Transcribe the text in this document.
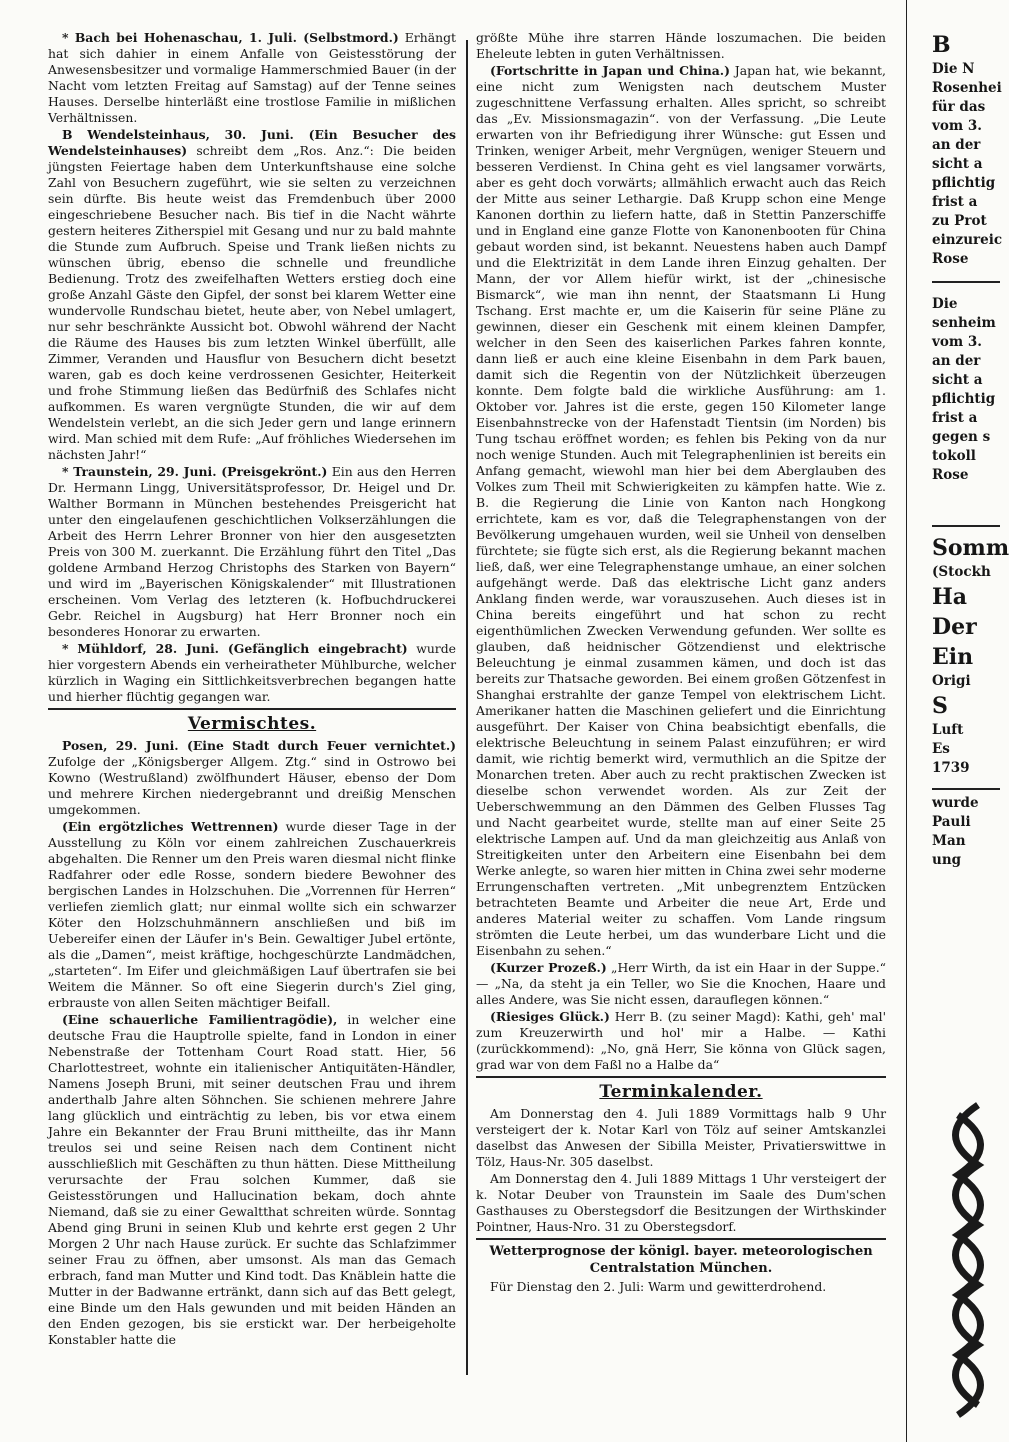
* Bach bei Hohenaschau, 1. Juli. (Selbstmord.) Erhängt hat sich dahier in einem Anfalle von Geistesstörung der Anwesensbesitzer und vormalige Hammerschmied Bauer (in der Nacht vom letzten Freitag auf Samstag) auf der Tenne seines Hauses. Derselbe hinterläßt eine trostlose Familie in mißlichen Verhältnissen.

B Wendelsteinhaus, 30. Juni. (Ein Besucher des Wendelsteinhauses) schreibt dem „Ros. Anz.“: Die beiden jüngsten Feiertage haben dem Unterkunftshause eine solche Zahl von Besuchern zugeführt, wie sie selten zu verzeichnen sein dürfte. Bis heute weist das Fremdenbuch über 2000 eingeschriebene Besucher nach. Bis tief in die Nacht währte gestern heiteres Zitherspiel mit Gesang und nur zu bald mahnte die Stunde zum Aufbruch. Speise und Trank ließen nichts zu wünschen übrig, ebenso die schnelle und freundliche Bedienung. Trotz des zweifelhaften Wetters erstieg doch eine große Anzahl Gäste den Gipfel, der sonst bei klarem Wetter eine wundervolle Rundschau bietet, heute aber, von Nebel umlagert, nur sehr beschränkte Aussicht bot. Obwohl während der Nacht die Räume des Hauses bis zum letzten Winkel überfüllt, alle Zimmer, Veranden und Hausflur von Besuchern dicht besetzt waren, gab es doch keine verdrossenen Gesichter, Heiterkeit und frohe Stimmung ließen das Bedürfniß des Schlafes nicht aufkommen. Es waren vergnügte Stunden, die wir auf dem Wendelstein verlebt, an die sich Jeder gern und lange erinnern wird. Man schied mit dem Rufe: „Auf fröhliches Wiedersehen im nächsten Jahr!“

* Traunstein, 29. Juni. (Preisgekrönt.) Ein aus den Herren Dr. Hermann Lingg, Universitätsprofessor, Dr. Heigel und Dr. Walther Bormann in München bestehendes Preisgericht hat unter den eingelaufenen geschichtlichen Volkserzählungen die Arbeit des Herrn Lehrer Bronner von hier den ausgesetzten Preis von 300 M. zuerkannt. Die Erzählung führt den Titel „Das goldene Armband Herzog Christophs des Starken von Bayern“ und wird im „Bayerischen Königskalender“ mit Illustrationen erscheinen. Vom Verlag des letzteren (k. Hofbuchdruckerei Gebr. Reichel in Augsburg) hat Herr Bronner noch ein besonderes Honorar zu erwarten.

* Mühldorf, 28. Juni. (Gefänglich eingebracht) wurde hier vorgestern Abends ein verheiratheter Mühlburche, welcher kürzlich in Waging ein Sittlichkeitsverbrechen begangen hatte und hierher flüchtig gegangen war.

Vermischtes.

Posen, 29. Juni. (Eine Stadt durch Feuer vernichtet.) Zufolge der „Königsberger Allgem. Ztg.“ sind in Ostrowo bei Kowno (Westrußland) zwölfhundert Häuser, ebenso der Dom und mehrere Kirchen niedergebrannt und dreißig Menschen umgekommen.

(Ein ergötzliches Wettrennen) wurde dieser Tage in der Ausstellung zu Köln vor einem zahlreichen Zuschauerkreis abgehalten. Die Renner um den Preis waren diesmal nicht flinke Radfahrer oder edle Rosse, sondern biedere Bewohner des bergischen Landes in Holzschuhen. Die „Vorrennen für Herren“ verliefen ziemlich glatt; nur einmal wollte sich ein schwarzer Köter den Holzschuhmännern anschließen und biß im Uebereifer einen der Läufer in's Bein. Gewaltiger Jubel ertönte, als die „Damen“, meist kräftige, hochgeschürzte Landmädchen, „starteten“. Im Eifer und gleichmäßigen Lauf übertrafen sie bei Weitem die Männer. So oft eine Siegerin durch's Ziel ging, erbrauste von allen Seiten mächtiger Beifall.

(Eine schauerliche Familientragödie), in welcher eine deutsche Frau die Hauptrolle spielte, fand in London in einer Nebenstraße der Tottenham Court Road statt. Hier, 56 Charlottestreet, wohnte ein italienischer Antiquitäten-Händler, Namens Joseph Bruni, mit seiner deutschen Frau und ihrem anderthalb Jahre alten Söhnchen. Sie schienen mehrere Jahre lang glücklich und einträchtig zu leben, bis vor etwa einem Jahre ein Bekannter der Frau Bruni mittheilte, das ihr Mann treulos sei und seine Reisen nach dem Continent nicht ausschließlich mit Geschäften zu thun hätten. Diese Mittheilung verursachte der Frau solchen Kummer, daß sie Geistesstörungen und Hallucination bekam, doch ahnte Niemand, daß sie zu einer Gewaltthat schreiten würde. Sonntag Abend ging Bruni in seinen Klub und kehrte erst gegen 2 Uhr Morgen 2 Uhr nach Hause zurück. Er suchte das Schlafzimmer seiner Frau zu öffnen, aber umsonst. Als man das Gemach erbrach, fand man Mutter und Kind todt. Das Knäblein hatte die Mutter in der Badwanne ertränkt, dann sich auf das Bett gelegt, eine Binde um den Hals gewunden und mit beiden Händen an den Enden gezogen, bis sie erstickt war. Der herbeigeholte Konstabler hatte die

größte Mühe ihre starren Hände loszumachen. Die beiden Eheleute lebten in guten Verhältnissen.

(Fortschritte in Japan und China.) Japan hat, wie bekannt, eine nicht zum Wenigsten nach deutschem Muster zugeschnittene Verfassung erhalten. Alles spricht, so schreibt das „Ev. Missionsmagazin“. von der Verfassung. „Die Leute erwarten von ihr Befriedigung ihrer Wünsche: gut Essen und Trinken, weniger Arbeit, mehr Vergnügen, weniger Steuern und besseren Verdienst. In China geht es viel langsamer vorwärts, aber es geht doch vorwärts; allmählich erwacht auch das Reich der Mitte aus seiner Lethargie. Daß Krupp schon eine Menge Kanonen dorthin zu liefern hatte, daß in Stettin Panzerschiffe und in England eine ganze Flotte von Kanonenbooten für China gebaut worden sind, ist bekannt. Neuestens haben auch Dampf und die Elektrizität in dem Lande ihren Einzug gehalten. Der Mann, der vor Allem hiefür wirkt, ist der „chinesische Bismarck“, wie man ihn nennt, der Staatsmann Li Hung Tschang. Erst machte er, um die Kaiserin für seine Pläne zu gewinnen, dieser ein Geschenk mit einem kleinen Dampfer, welcher in den Seen des kaiserlichen Parkes fahren konnte, dann ließ er auch eine kleine Eisenbahn in dem Park bauen, damit sich die Regentin von der Nützlichkeit überzeugen konnte. Dem folgte bald die wirkliche Ausführung: am 1. Oktober vor. Jahres ist die erste, gegen 150 Kilometer lange Eisenbahnstrecke von der Hafenstadt Tientsin (im Norden) bis Tung tschau eröffnet worden; es fehlen bis Peking von da nur noch wenige Stunden. Auch mit Telegraphenlinien ist bereits ein Anfang gemacht, wiewohl man hier bei dem Aberglauben des Volkes zum Theil mit Schwierigkeiten zu kämpfen hatte. Wie z. B. die Regierung die Linie von Kanton nach Hongkong errichtete, kam es vor, daß die Telegraphenstangen von der Bevölkerung umgehauen wurden, weil sie Unheil von denselben fürchtete; sie fügte sich erst, als die Regierung bekannt machen ließ, daß, wer eine Telegraphenstange umhaue, an einer solchen aufgehängt werde. Daß das elektrische Licht ganz anders Anklang finden werde, war vorauszusehen. Auch dieses ist in China bereits eingeführt und hat schon zu recht eigenthümlichen Zwecken Verwendung gefunden. Wer sollte es glauben, daß heidnischer Götzendienst und elektrische Beleuchtung je einmal zusammen kämen, und doch ist das bereits zur Thatsache geworden. Bei einem großen Götzenfest in Shanghai erstrahlte der ganze Tempel von elektrischem Licht. Amerikaner hatten die Maschinen geliefert und die Einrichtung ausgeführt. Der Kaiser von China beabsichtigt ebenfalls, die elektrische Beleuchtung in seinem Palast einzuführen; er wird damit, wie richtig bemerkt wird, vermuthlich an die Spitze der Monarchen treten. Aber auch zu recht praktischen Zwecken ist dieselbe schon verwendet worden. Als zur Zeit der Ueberschwemmung an den Dämmen des Gelben Flusses Tag und Nacht gearbeitet wurde, stellte man auf einer Seite 25 elektrische Lampen auf. Und da man gleichzeitig aus Anlaß von Streitigkeiten unter den Arbeitern eine Eisenbahn bei dem Werke anlegte, so waren hier mitten in China zwei sehr moderne Errungenschaften vertreten. „Mit unbegrenztem Entzücken betrachteten Beamte und Arbeiter die neue Art, Erde und anderes Material weiter zu schaffen. Vom Lande ringsum strömten die Leute herbei, um das wunderbare Licht und die Eisenbahn zu sehen.“

(Kurzer Prozeß.) „Herr Wirth, da ist ein Haar in der Suppe.“ — „Na, da steht ja ein Teller, wo Sie die Knochen, Haare und alles Andere, was Sie nicht essen, darauflegen können.“

(Riesiges Glück.) Herr B. (zu seiner Magd): Kathi, geh' mal' zum Kreuzerwirth und hol' mir a Halbe. — Kathi (zurückkommend): „No, gnä Herr, Sie könna von Glück sagen, grad war von dem Faßl no a Halbe da“

Terminkalender.

Am Donnerstag den 4. Juli 1889 Vormittags halb 9 Uhr versteigert der k. Notar Karl von Tölz auf seiner Amtskanzlei daselbst das Anwesen der Sibilla Meister, Privatierswittwe in Tölz, Haus-Nr. 305 daselbst.

Am Donnerstag den 4. Juli 1889 Mittags 1 Uhr versteigert der k. Notar Deuber von Traunstein im Saale des Dum'schen Gasthauses zu Oberstegsdorf die Besitzungen der Wirthskinder Pointner, Haus-Nro. 31 zu Oberstegsdorf.

Wetterprognose der königl. bayer. meteorologischen Centralstation München.

Für Dienstag den 2. Juli: Warm und gewitterdrohend.

B
Die N
Rosenhei
für das
vom 3.
an der
sicht a
pflichtig
frist a
zu Prot
einzureic
Rose
Die
senheim
vom 3.
an der
sicht a
pflichtig
frist a
gegen s
tokoll
Rose
Somm
(Stockh
Ha
Der
Ein
Origi
S
Luft
Es
1739
wurde
Pauli
Man
ung
